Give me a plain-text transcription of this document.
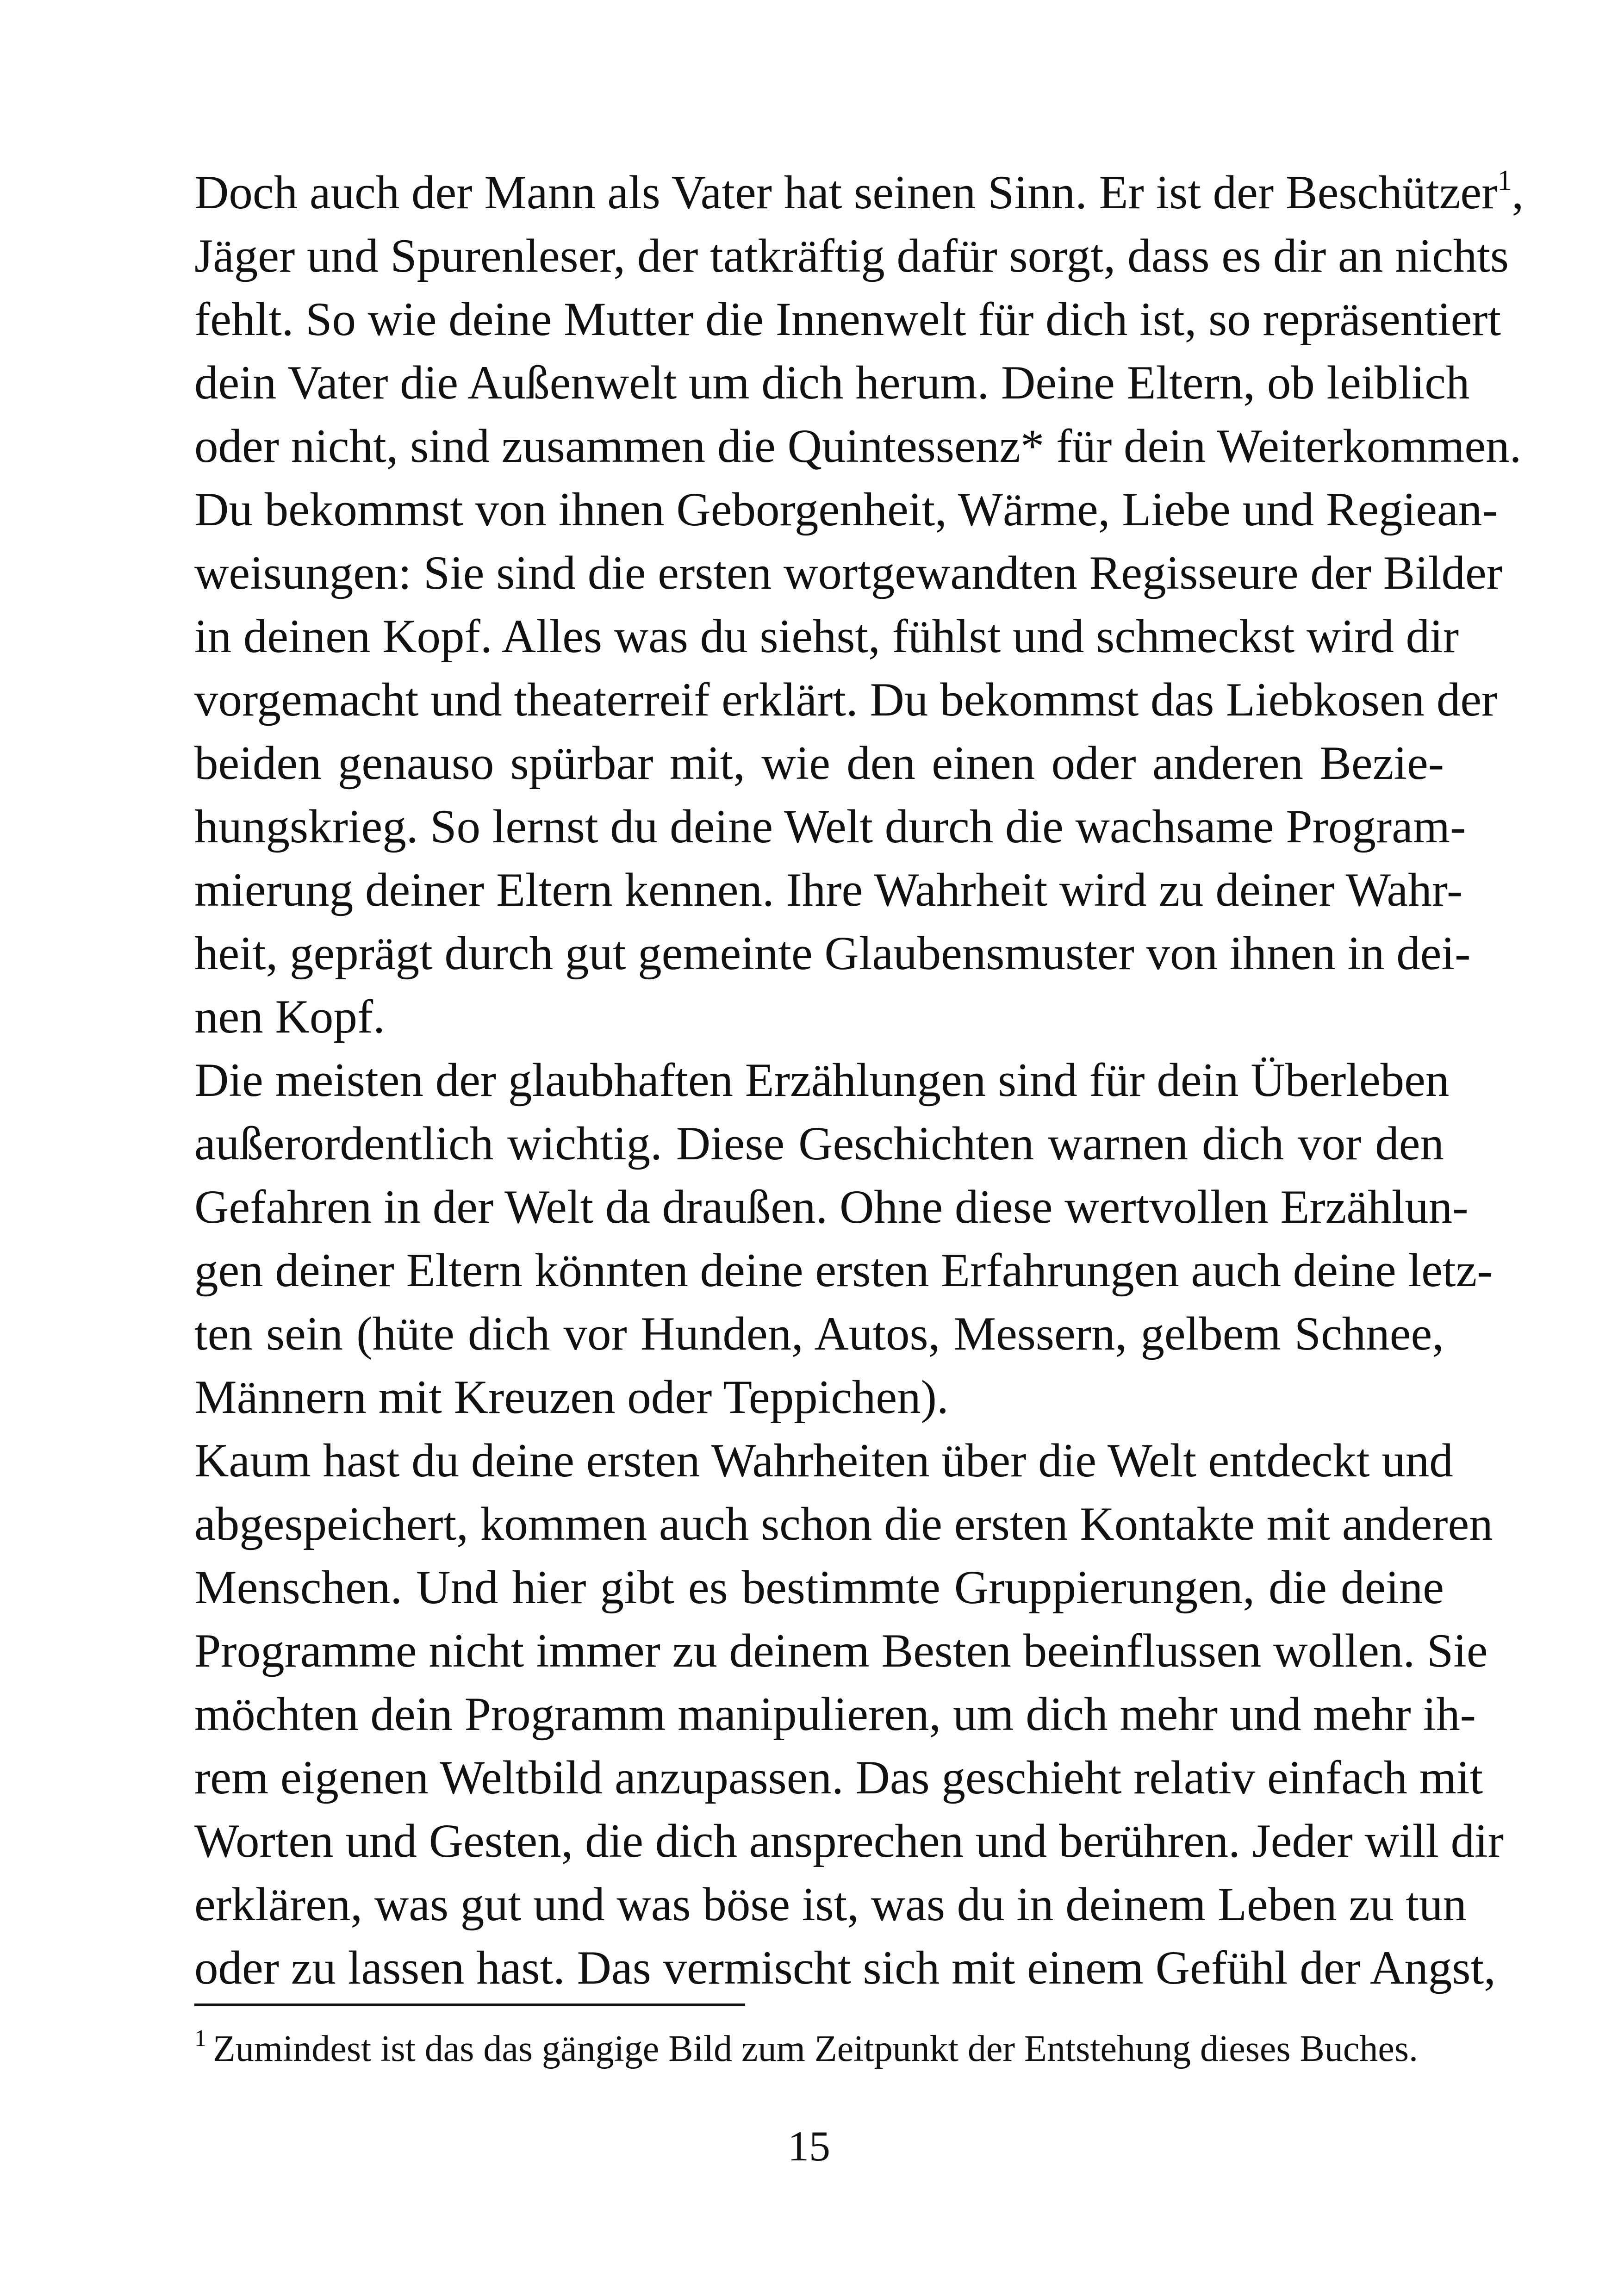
Doch auch der Mann als Vater hat seinen Sinn. Er ist der Beschützer$^1$,
Jäger und Spurenleser, der tatkräftig dafür sorgt, dass es dir an nichts
fehlt. So wie deine Mutter die Innenwelt für dich ist, so repräsentiert
dein Vater die Außenwelt um dich herum. Deine Eltern, ob leiblich
oder nicht, sind zusammen die Quintessenz* für dein Weiterkommen.
Du bekommst von ihnen Geborgenheit, Wärme, Liebe und Regiean-
weisungen: Sie sind die ersten wortgewandten Regisseure der Bilder
in deinen Kopf. Alles was du siehst, fühlst und schmeckst wird dir
vorgemacht und theaterreif erklärt. Du bekommst das Liebkosen der
beiden genauso spürbar mit, wie den einen oder anderen Bezie-
hungskrieg. So lernst du deine Welt durch die wachsame Program-
mierung deiner Eltern kennen. Ihre Wahrheit wird zu deiner Wahr-
heit, geprägt durch gut gemeinte Glaubensmuster von ihnen in dei-
nen Kopf.
Die meisten der glaubhaften Erzählungen sind für dein Überleben
außerordentlich wichtig. Diese Geschichten warnen dich vor den
Gefahren in der Welt da draußen. Ohne diese wertvollen Erzählun-
gen deiner Eltern könnten deine ersten Erfahrungen auch deine letz-
ten sein (hüte dich vor Hunden, Autos, Messern, gelbem Schnee,
Männern mit Kreuzen oder Teppichen).
Kaum hast du deine ersten Wahrheiten über die Welt entdeckt und
abgespeichert, kommen auch schon die ersten Kontakte mit anderen
Menschen. Und hier gibt es bestimmte Gruppierungen, die deine
Programme nicht immer zu deinem Besten beeinflussen wollen. Sie
möchten dein Programm manipulieren, um dich mehr und mehr ih-
rem eigenen Weltbild anzupassen. Das geschieht relativ einfach mit
Worten und Gesten, die dich ansprechen und berühren. Jeder will dir
erklären, was gut und was böse ist, was du in deinem Leben zu tun
oder zu lassen hast. Das vermischt sich mit einem Gefühl der Angst,
$^1$ Zumindest ist das das gängige Bild zum Zeitpunkt der Entstehung dieses Buches.
15
